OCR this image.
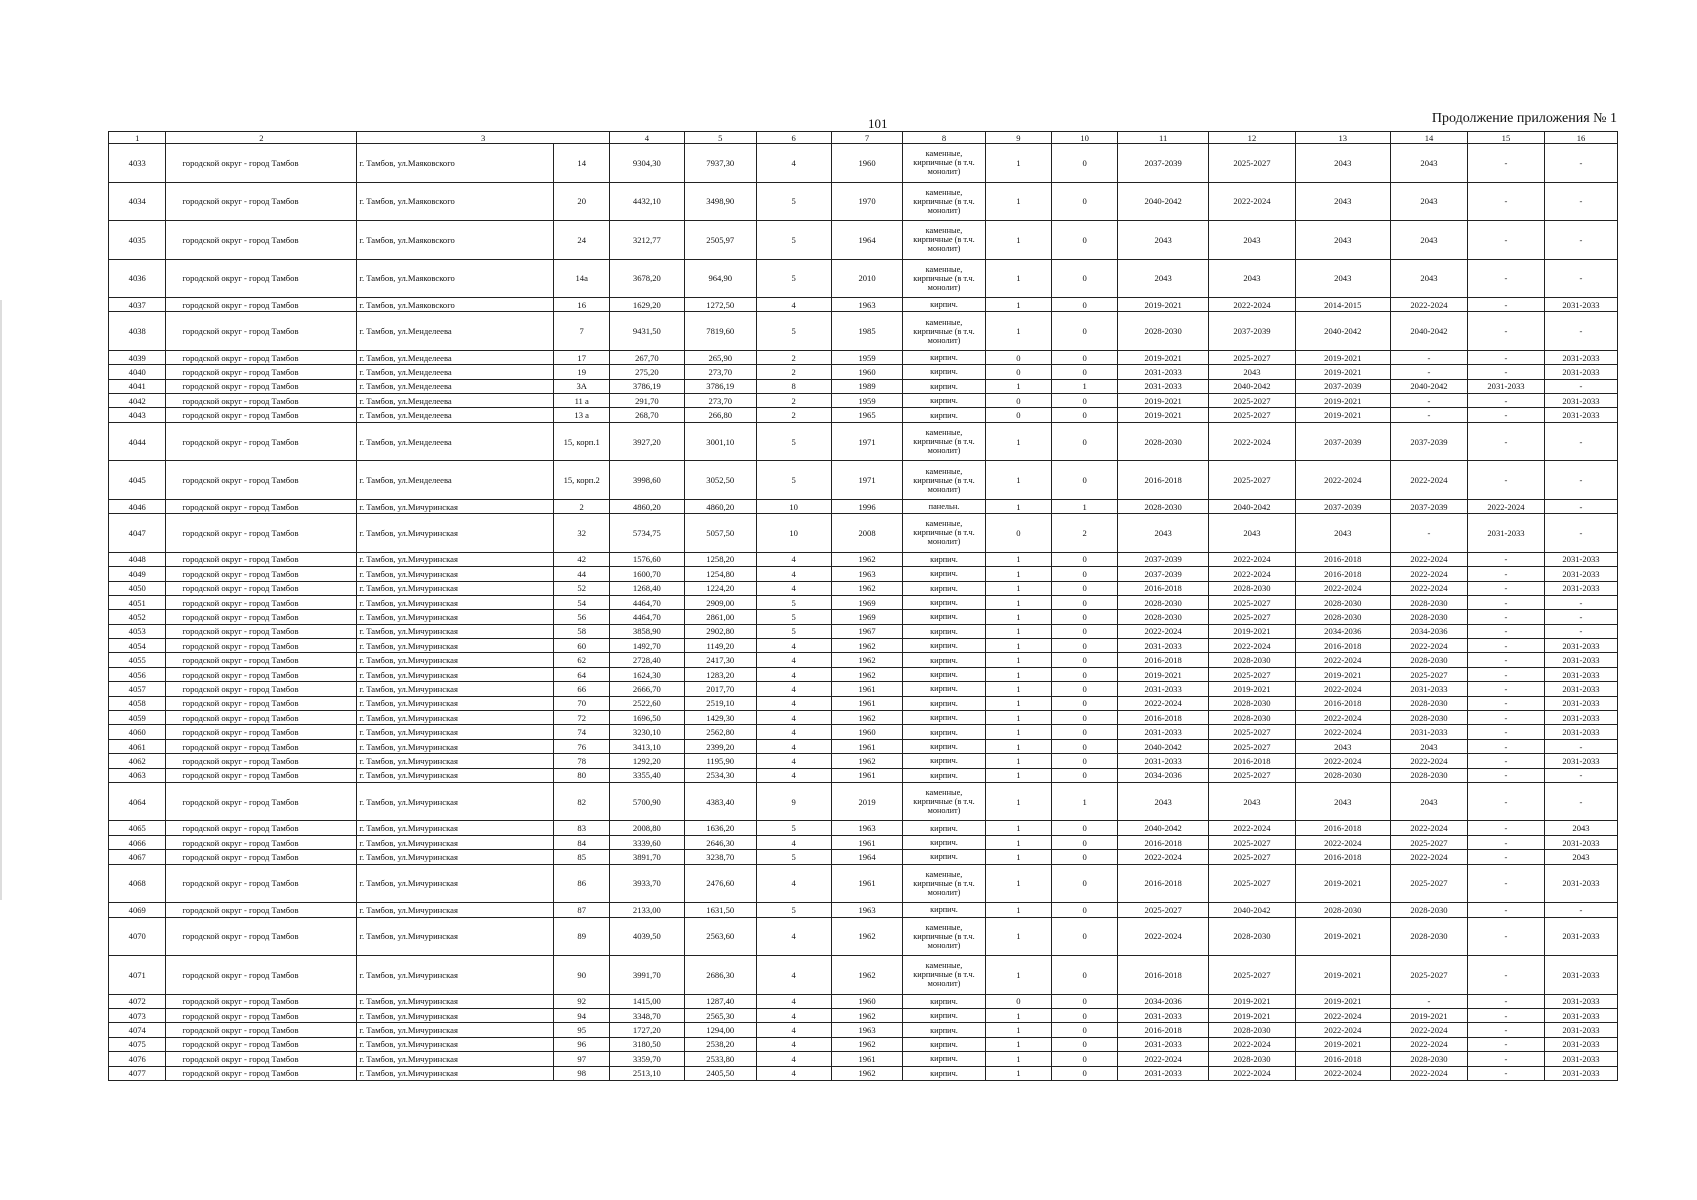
101	Продолжение приложения № 1
1	2	3		4	5	6	7	8	9	10	11	12	13	14	15	16
4033	городской округ - город Тамбов	г. Тамбов, ул.Маяковского	14	9304,30	7937,30	4	1960	каменные, кирпичные (в т.ч. монолит)	1	0	2037-2039	2025-2027	2043	2043	-	-
4034	городской округ - город Тамбов	г. Тамбов, ул.Маяковского	20	4432,10	3498,90	5	1970	каменные, кирпичные (в т.ч. монолит)	1	0	2040-2042	2022-2024	2043	2043	-	-
4035	городской округ - город Тамбов	г. Тамбов, ул.Маяковского	24	3212,77	2505,97	5	1964	каменные, кирпичные (в т.ч. монолит)	1	0	2043	2043	2043	2043	-	-
4036	городской округ - город Тамбов	г. Тамбов, ул.Маяковского	14а	3678,20	964,90	5	2010	каменные, кирпичные (в т.ч. монолит)	1	0	2043	2043	2043	2043	-	-
4037	городской округ - город Тамбов	г. Тамбов, ул.Маяковского	16	1629,20	1272,50	4	1963	кирпич.	1	0	2019-2021	2022-2024	2014-2015	2022-2024	-	2031-2033
4038	городской округ - город Тамбов	г. Тамбов, ул.Менделеева	7	9431,50	7819,60	5	1985	каменные, кирпичные (в т.ч. монолит)	1	0	2028-2030	2037-2039	2040-2042	2040-2042	-	-
4039	городской округ - город Тамбов	г. Тамбов, ул.Менделеева	17	267,70	265,90	2	1959	кирпич.	0	0	2019-2021	2025-2027	2019-2021	-	-	2031-2033
4040	городской округ - город Тамбов	г. Тамбов, ул.Менделеева	19	275,20	273,70	2	1960	кирпич.	0	0	2031-2033	2043	2019-2021	-	-	2031-2033
4041	городской округ - город Тамбов	г. Тамбов, ул.Менделеева	3А	3786,19	3786,19	8	1989	кирпич.	1	1	2031-2033	2040-2042	2037-2039	2040-2042	2031-2033	-
4042	городской округ - город Тамбов	г. Тамбов, ул.Менделеева	11 а	291,70	273,70	2	1959	кирпич.	0	0	2019-2021	2025-2027	2019-2021	-	-	2031-2033
4043	городской округ - город Тамбов	г. Тамбов, ул.Менделеева	13 а	268,70	266,80	2	1965	кирпич.	0	0	2019-2021	2025-2027	2019-2021	-	-	2031-2033
4044	городской округ - город Тамбов	г. Тамбов, ул.Менделеева	15, корп.1	3927,20	3001,10	5	1971	каменные, кирпичные (в т.ч. монолит)	1	0	2028-2030	2022-2024	2037-2039	2037-2039	-	-
4045	городской округ - город Тамбов	г. Тамбов, ул.Менделеева	15, корп.2	3998,60	3052,50	5	1971	каменные, кирпичные (в т.ч. монолит)	1	0	2016-2018	2025-2027	2022-2024	2022-2024	-	-
4046	городской округ - город Тамбов	г. Тамбов, ул.Мичуринская	2	4860,20	4860,20	10	1996	панельн.	1	1	2028-2030	2040-2042	2037-2039	2037-2039	2022-2024	-
4047	городской округ - город Тамбов	г. Тамбов, ул.Мичуринская	32	5734,75	5057,50	10	2008	каменные, кирпичные (в т.ч. монолит)	0	2	2043	2043	2043	-	2031-2033	-
4048	городской округ - город Тамбов	г. Тамбов, ул.Мичуринская	42	1576,60	1258,20	4	1962	кирпич.	1	0	2037-2039	2022-2024	2016-2018	2022-2024	-	2031-2033
4049	городской округ - город Тамбов	г. Тамбов, ул.Мичуринская	44	1600,70	1254,80	4	1963	кирпич.	1	0	2037-2039	2022-2024	2016-2018	2022-2024	-	2031-2033
4050	городской округ - город Тамбов	г. Тамбов, ул.Мичуринская	52	1268,40	1224,20	4	1962	кирпич.	1	0	2016-2018	2028-2030	2022-2024	2022-2024	-	2031-2033
4051	городской округ - город Тамбов	г. Тамбов, ул.Мичуринская	54	4464,70	2909,00	5	1969	кирпич.	1	0	2028-2030	2025-2027	2028-2030	2028-2030	-	-
4052	городской округ - город Тамбов	г. Тамбов, ул.Мичуринская	56	4464,70	2861,00	5	1969	кирпич.	1	0	2028-2030	2025-2027	2028-2030	2028-2030	-	-
4053	городской округ - город Тамбов	г. Тамбов, ул.Мичуринская	58	3858,90	2902,80	5	1967	кирпич.	1	0	2022-2024	2019-2021	2034-2036	2034-2036	-	-
4054	городской округ - город Тамбов	г. Тамбов, ул.Мичуринская	60	1492,70	1149,20	4	1962	кирпич.	1	0	2031-2033	2022-2024	2016-2018	2022-2024	-	2031-2033
4055	городской округ - город Тамбов	г. Тамбов, ул.Мичуринская	62	2728,40	2417,30	4	1962	кирпич.	1	0	2016-2018	2028-2030	2022-2024	2028-2030	-	2031-2033
4056	городской округ - город Тамбов	г. Тамбов, ул.Мичуринская	64	1624,30	1283,20	4	1962	кирпич.	1	0	2019-2021	2025-2027	2019-2021	2025-2027	-	2031-2033
4057	городской округ - город Тамбов	г. Тамбов, ул.Мичуринская	66	2666,70	2017,70	4	1961	кирпич.	1	0	2031-2033	2019-2021	2022-2024	2031-2033	-	2031-2033
4058	городской округ - город Тамбов	г. Тамбов, ул.Мичуринская	70	2522,60	2519,10	4	1961	кирпич.	1	0	2022-2024	2028-2030	2016-2018	2028-2030	-	2031-2033
4059	городской округ - город Тамбов	г. Тамбов, ул.Мичуринская	72	1696,50	1429,30	4	1962	кирпич.	1	0	2016-2018	2028-2030	2022-2024	2028-2030	-	2031-2033
4060	городской округ - город Тамбов	г. Тамбов, ул.Мичуринская	74	3230,10	2562,80	4	1960	кирпич.	1	0	2031-2033	2025-2027	2022-2024	2031-2033	-	2031-2033
4061	городской округ - город Тамбов	г. Тамбов, ул.Мичуринская	76	3413,10	2399,20	4	1961	кирпич.	1	0	2040-2042	2025-2027	2043	2043	-	-
4062	городской округ - город Тамбов	г. Тамбов, ул.Мичуринская	78	1292,20	1195,90	4	1962	кирпич.	1	0	2031-2033	2016-2018	2022-2024	2022-2024	-	2031-2033
4063	городской округ - город Тамбов	г. Тамбов, ул.Мичуринская	80	3355,40	2534,30	4	1961	кирпич.	1	0	2034-2036	2025-2027	2028-2030	2028-2030	-	-
4064	городской округ - город Тамбов	г. Тамбов, ул.Мичуринская	82	5700,90	4383,40	9	2019	каменные, кирпичные (в т.ч. монолит)	1	1	2043	2043	2043	2043	-	-
4065	городской округ - город Тамбов	г. Тамбов, ул.Мичуринская	83	2008,80	1636,20	5	1963	кирпич.	1	0	2040-2042	2022-2024	2016-2018	2022-2024	-	2043
4066	городской округ - город Тамбов	г. Тамбов, ул.Мичуринская	84	3339,60	2646,30	4	1961	кирпич.	1	0	2016-2018	2025-2027	2022-2024	2025-2027	-	2031-2033
4067	городской округ - город Тамбов	г. Тамбов, ул.Мичуринская	85	3891,70	3238,70	5	1964	кирпич.	1	0	2022-2024	2025-2027	2016-2018	2022-2024	-	2043
4068	городской округ - город Тамбов	г. Тамбов, ул.Мичуринская	86	3933,70	2476,60	4	1961	каменные, кирпичные (в т.ч. монолит)	1	0	2016-2018	2025-2027	2019-2021	2025-2027	-	2031-2033
4069	городской округ - город Тамбов	г. Тамбов, ул.Мичуринская	87	2133,00	1631,50	5	1963	кирпич.	1	0	2025-2027	2040-2042	2028-2030	2028-2030	-	-
4070	городской округ - город Тамбов	г. Тамбов, ул.Мичуринская	89	4039,50	2563,60	4	1962	каменные, кирпичные (в т.ч. монолит)	1	0	2022-2024	2028-2030	2019-2021	2028-2030	-	2031-2033
4071	городской округ - город Тамбов	г. Тамбов, ул.Мичуринская	90	3991,70	2686,30	4	1962	каменные, кирпичные (в т.ч. монолит)	1	0	2016-2018	2025-2027	2019-2021	2025-2027	-	2031-2033
4072	городской округ - город Тамбов	г. Тамбов, ул.Мичуринская	92	1415,00	1287,40	4	1960	кирпич.	0	0	2034-2036	2019-2021	2019-2021	-	-	2031-2033
4073	городской округ - город Тамбов	г. Тамбов, ул.Мичуринская	94	3348,70	2565,30	4	1962	кирпич.	1	0	2031-2033	2019-2021	2022-2024	2019-2021	-	2031-2033
4074	городской округ - город Тамбов	г. Тамбов, ул.Мичуринская	95	1727,20	1294,00	4	1963	кирпич.	1	0	2016-2018	2028-2030	2022-2024	2022-2024	-	2031-2033
4075	городской округ - город Тамбов	г. Тамбов, ул.Мичуринская	96	3180,50	2538,20	4	1962	кирпич.	1	0	2031-2033	2022-2024	2019-2021	2022-2024	-	2031-2033
4076	городской округ - город Тамбов	г. Тамбов, ул.Мичуринская	97	3359,70	2533,80	4	1961	кирпич.	1	0	2022-2024	2028-2030	2016-2018	2028-2030	-	2031-2033
4077	городской округ - город Тамбов	г. Тамбов, ул.Мичуринская	98	2513,10	2405,50	4	1962	кирпич.	1	0	2031-2033	2022-2024	2022-2024	2022-2024	-	2031-2033
